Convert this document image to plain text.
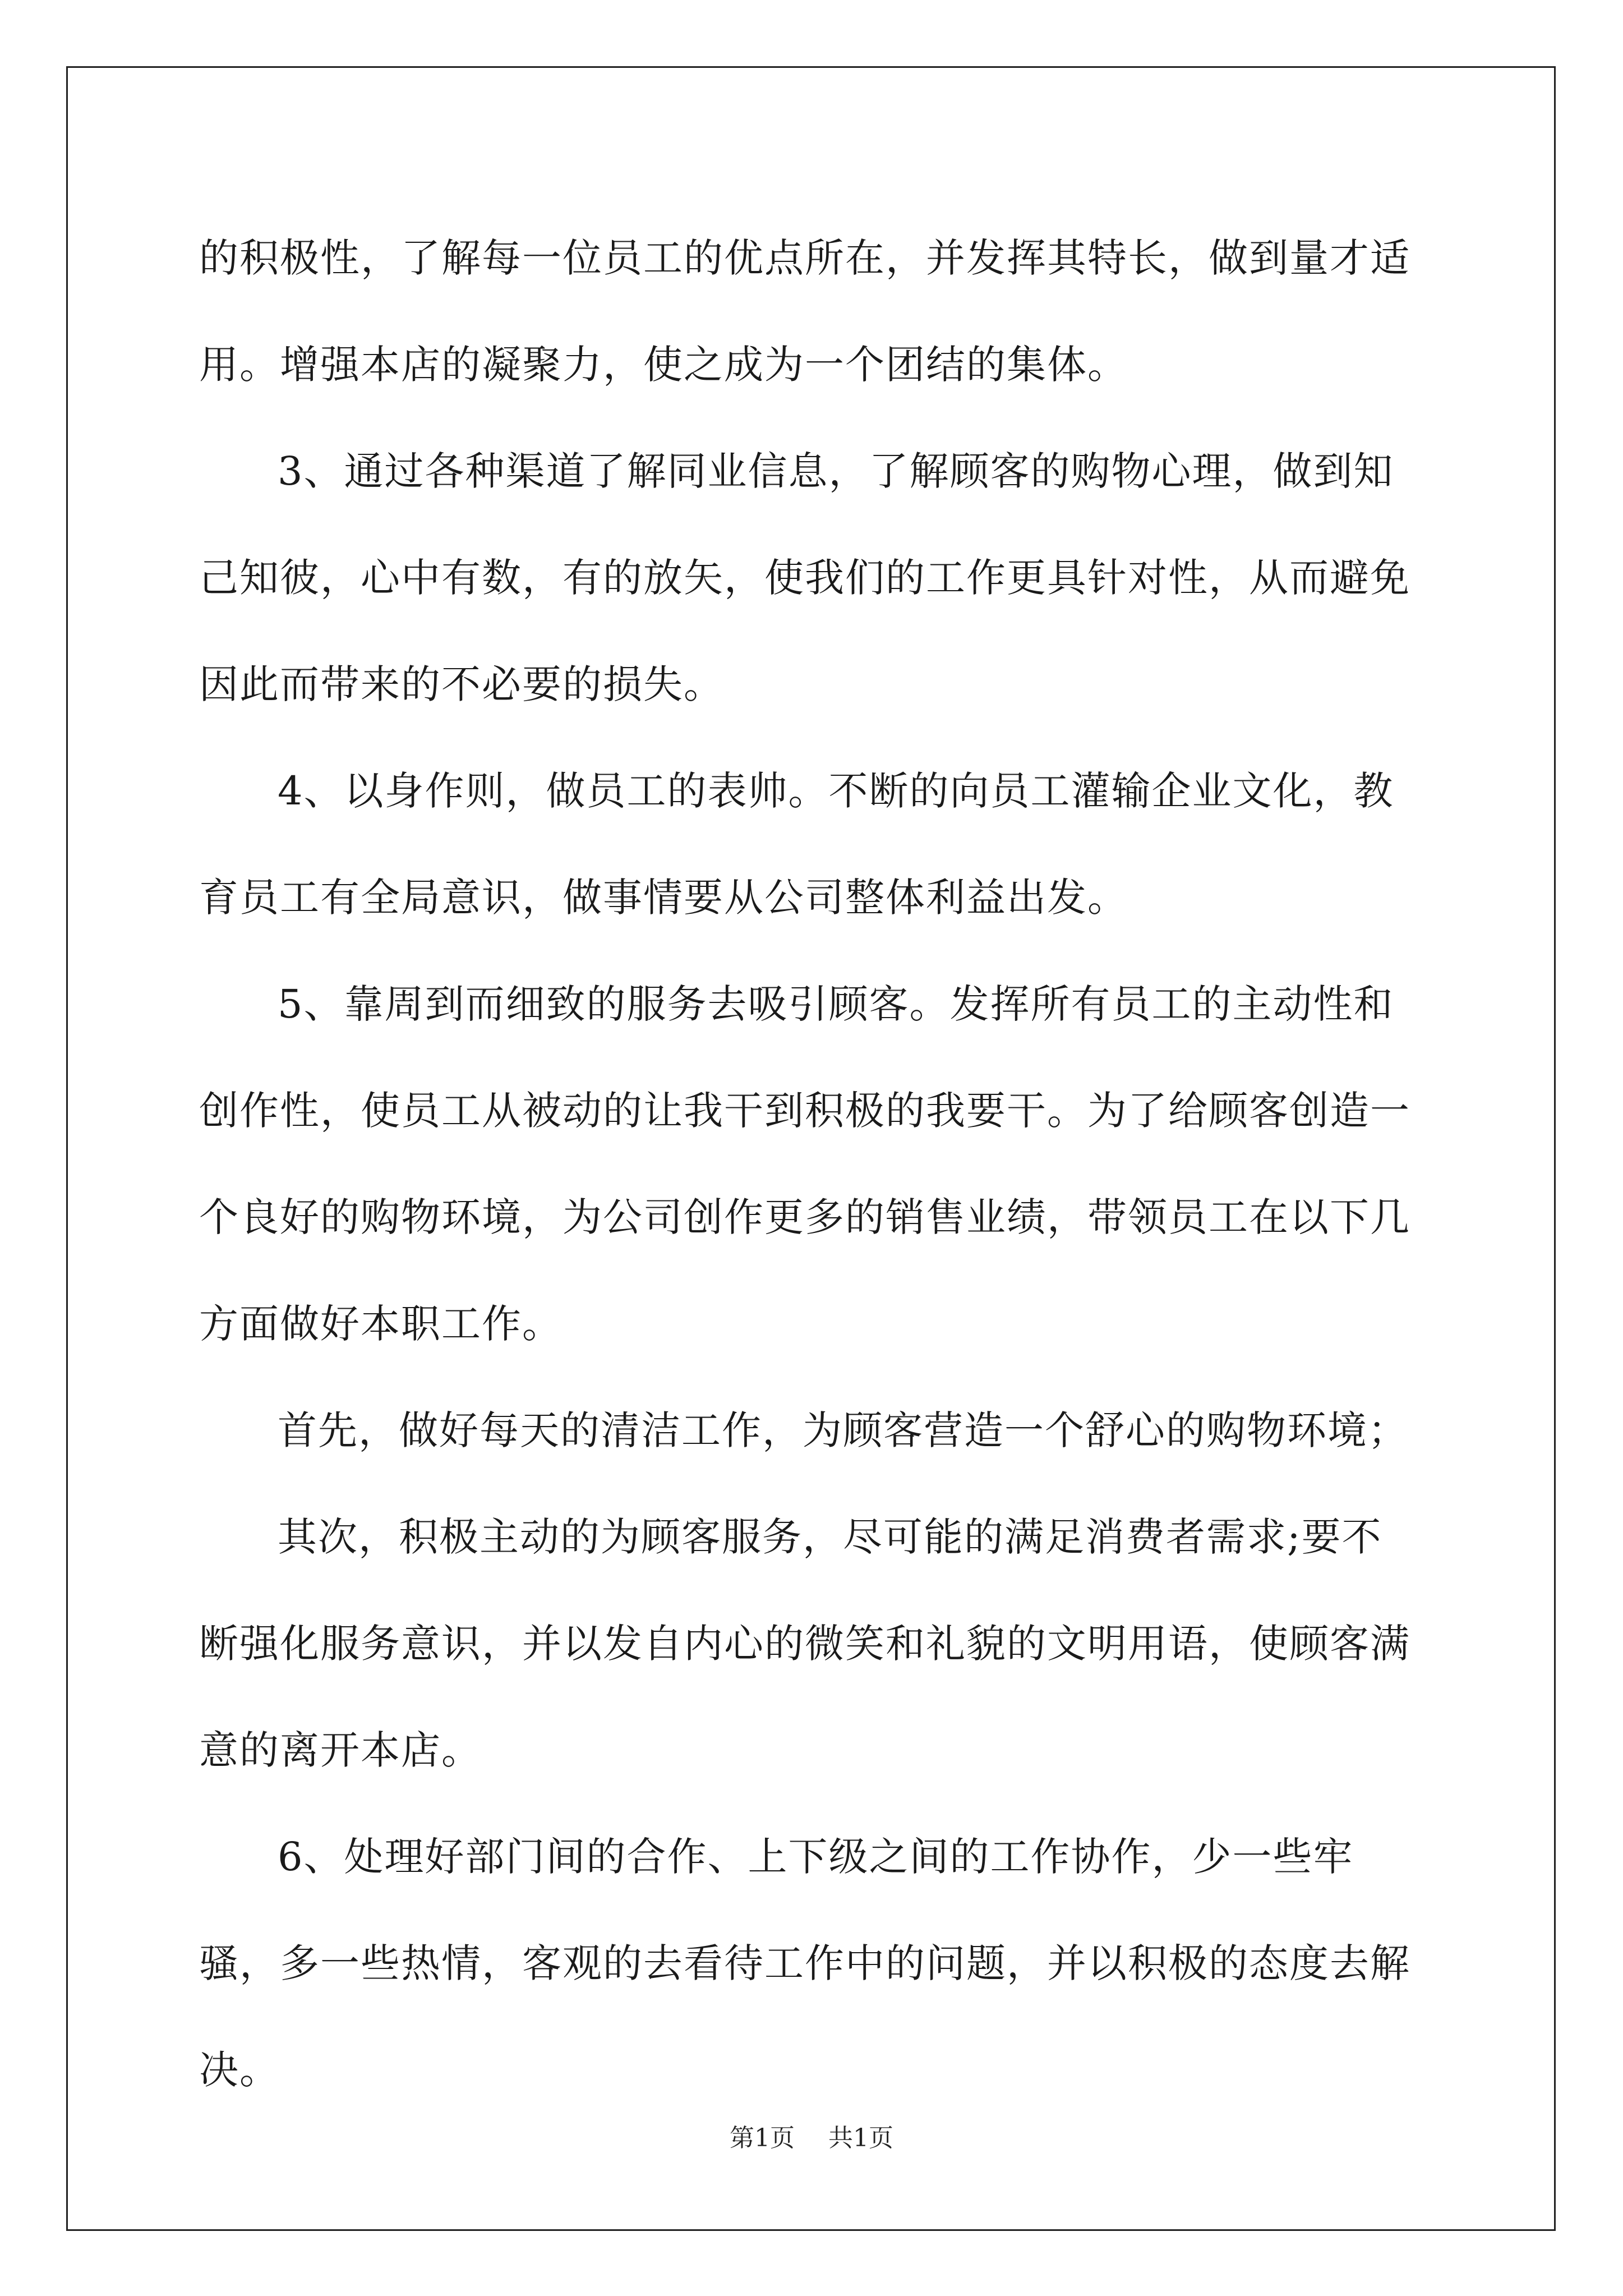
的积极性，了解每一位员工的优点所在，并发挥其特长，做到量才适用。增强本店的凝聚力，使之成为一个团结的集体。

3、通过各种渠道了解同业信息，了解顾客的购物心理，做到知己知彼，心中有数，有的放矢，使我们的工作更具针对性，从而避免因此而带来的不必要的损失。

4、以身作则，做员工的表帅。不断的向员工灌输企业文化，教育员工有全局意识，做事情要从公司整体利益出发。

5、靠周到而细致的服务去吸引顾客。发挥所有员工的主动性和创作性，使员工从被动的让我干到积极的我要干。为了给顾客创造一个良好的购物环境，为公司创作更多的销售业绩，带领员工在以下几方面做好本职工作。

首先，做好每天的清洁工作，为顾客营造一个舒心的购物环境；

其次，积极主动的为顾客服务，尽可能的满足消费者需求;要不断强化服务意识，并以发自内心的微笑和礼貌的文明用语，使顾客满意的离开本店。

6、处理好部门间的合作、上下级之间的工作协作，少一些牢骚，多一些热情，客观的去看待工作中的问题，并以积极的态度去解决。

第1页 共1页
